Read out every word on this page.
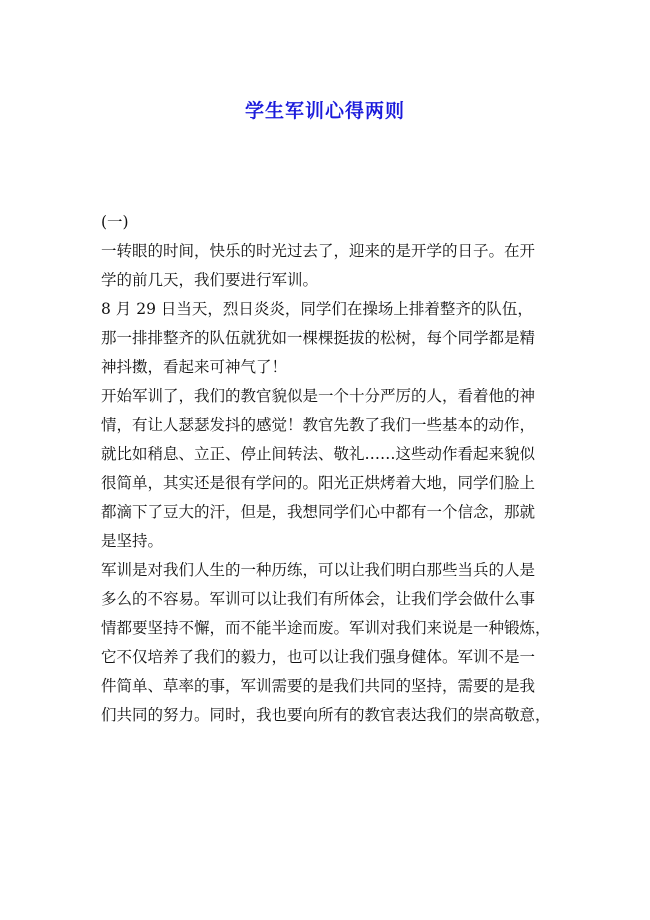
学生军训心得两则

(一)

一转眼的时间，快乐的时光过去了，迎来的是开学的日子。在开

学的前几天，我们要进行军训。

8 月 29 日当天，烈日炎炎，同学们在操场上排着整齐的队伍，

那一排排整齐的队伍就犹如一棵棵挺拔的松树，每个同学都是精

神抖擞，看起来可神气了！

开始军训了，我们的教官貌似是一个十分严厉的人，看着他的神

情，有让人瑟瑟发抖的感觉！教官先教了我们一些基本的动作，

就比如稍息、立正、停止间转法、敬礼……这些动作看起来貌似

很简单，其实还是很有学问的。阳光正烘烤着大地，同学们脸上

都滴下了豆大的汗，但是，我想同学们心中都有一个信念，那就

是坚持。

军训是对我们人生的一种历练，可以让我们明白那些当兵的人是

多么的不容易。军训可以让我们有所体会，让我们学会做什么事

情都要坚持不懈，而不能半途而废。军训对我们来说是一种锻炼，

它不仅培养了我们的毅力，也可以让我们强身健体。军训不是一

件简单、草率的事，军训需要的是我们共同的坚持，需要的是我

们共同的努力。同时，我也要向所有的教官表达我们的崇高敬意，
